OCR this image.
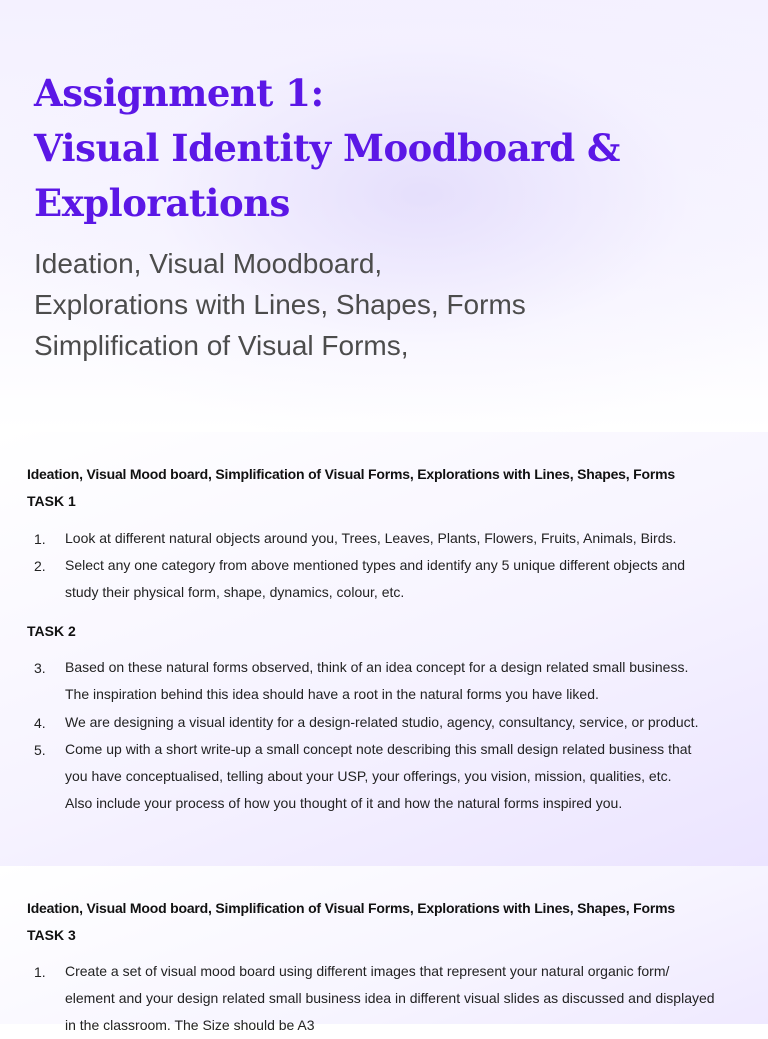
Assignment 1:
Visual Identity Moodboard &
Explorations
Ideation, Visual Moodboard,
Explorations with Lines, Shapes, Forms
Simplification of Visual Forms,

Ideation, Visual Mood board, Simplification of Visual Forms, Explorations with Lines, Shapes, Forms

TASK 1

1.	Look at different natural objects around you, Trees, Leaves, Plants, Flowers, Fruits, Animals, Birds.
2.	Select any one category from above mentioned types and identify any 5 unique different objects and
study their physical form, shape, dynamics, colour, etc.

TASK 2

3.	Based on these natural forms observed, think of an idea concept for a design related small business.
The inspiration behind this idea should have a root in the natural forms you have liked.
4.	We are designing a visual identity for a design-related studio, agency, consultancy, service, or product.
5.	Come up with a short write-up a small concept note describing this small design related business that
you have conceptualised, telling about your USP, your offerings, you vision, mission, qualities, etc.
Also include your process of how you thought of it and how the natural forms inspired you.

Ideation, Visual Mood board, Simplification of Visual Forms, Explorations with Lines, Shapes, Forms

TASK 3

1.	Create a set of visual mood board using different images that represent your natural organic form/
element and your design related small business idea in different visual slides as discussed and displayed
in the classroom. The Size should be A3
